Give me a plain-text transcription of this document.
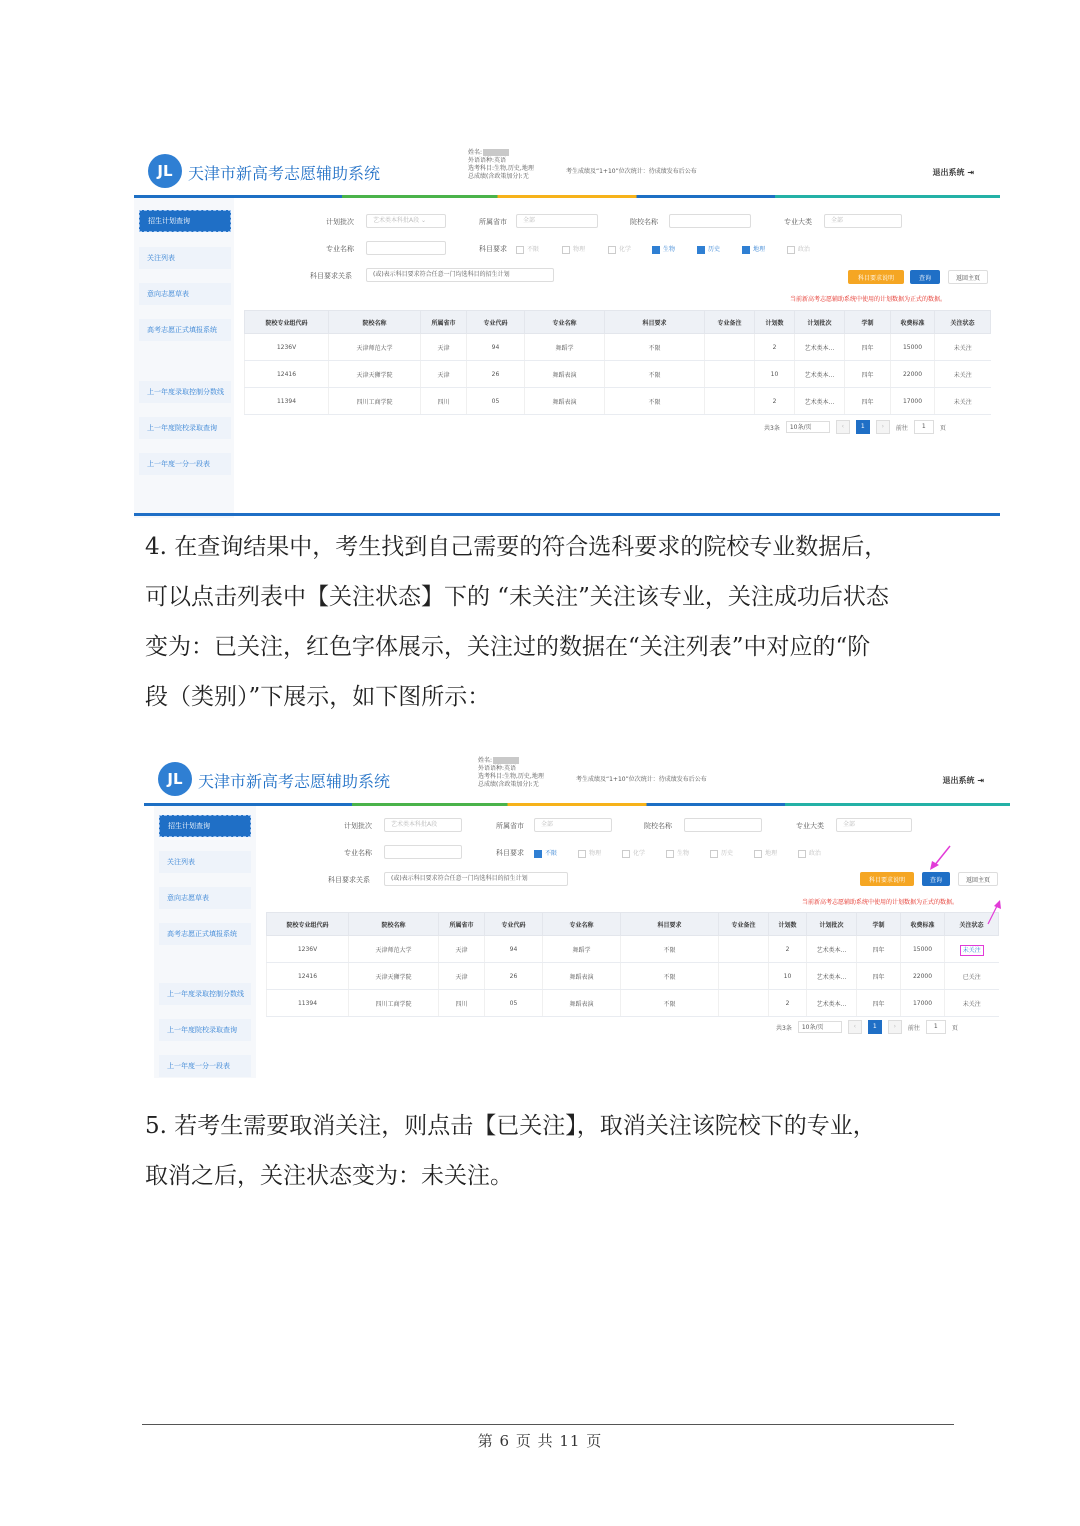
JL 天津市新高考志愿辅助系统
姓名:
外语语种:英语
选考科目:生物,历史,地理
总成绩(含政策加分):无
考生成绩及“1+10”位次统计：待成绩发布后公布	退出系统 ⇥
招生计划查询
关注列表
意向志愿草表
高考志愿正式填报系统
上一年度录取控制分数线
上一年度院校录取查询
上一年度一分一段表
计划批次	艺术类本科批A段 ⌄	所属省市	全部	院校名称	专业大类	全部
专业名称	科目要求	不限	物理	化学	生物	历史	地理	政治
科目要求关系	(或)表示科目要求符合任意一门均选科目的招生计划	科目要求说明	查询	返回主页
当前新高考志愿辅助系统中使用的计划数据为正式的数据。
院校专业组代码	院校名称	所属省市	专业代码	专业名称	科目要求	专业备注	计划数	计划批次	学制	收费标准	关注状态
1236V	天津师范大学	天津	94	舞蹈学	不限		2	艺术类本...	四年	15000	未关注
12416	天津天狮学院	天津	26	舞蹈表演	不限		10	艺术类本...	四年	22000	未关注
11394	四川工商学院	四川	05	舞蹈表演	不限		2	艺术类本...	四年	17000	未关注
共3条	10条/页	‹	1	›	前往	1	页

4. 在查询结果中，考生找到自己需要的符合选科要求的院校专业数据后，

可以点击列表中【关注状态】下的 “未关注”关注该专业，关注成功后状态

变为：已关注，红色字体展示，关注过的数据在“关注列表”中对应的“阶

段（类别）”下展示，如下图所示：

JL 天津市新高考志愿辅助系统
姓名:
外语语种:英语
选考科目:生物,历史,地理
总成绩(含政策加分):无
考生成绩及“1+10”位次统计：待成绩发布后公布	退出系统 ⇥
招生计划查询
关注列表
意向志愿草表
高考志愿正式填报系统
上一年度录取控制分数线
上一年度院校录取查询
上一年度一分一段表
计划批次	艺术类本科批A段	所属省市	全部	院校名称	专业大类	全部
专业名称	科目要求	不限	物理	化学	生物	历史	地理	政治
科目要求关系	(或)表示科目要求符合任意一门均选科目的招生计划	科目要求说明	查询	返回主页
当前新高考志愿辅助系统中使用的计划数据为正式的数据。
院校专业组代码	院校名称	所属省市	专业代码	专业名称	科目要求	专业备注	计划数	计划批次	学制	收费标准	关注状态
1236V	天津师范大学	天津	94	舞蹈学	不限		2	艺术类本...	四年	15000	未关注
12416	天津天狮学院	天津	26	舞蹈表演	不限		10	艺术类本...	四年	22000	已关注
11394	四川工商学院	四川	05	舞蹈表演	不限		2	艺术类本...	四年	17000	未关注
共3条	10条/页	‹	1	›	前往	1	页

5. 若考生需要取消关注，则点击【已关注】，取消关注该院校下的专业，

取消之后，关注状态变为：未关注。

第 6 页 共 11 页
